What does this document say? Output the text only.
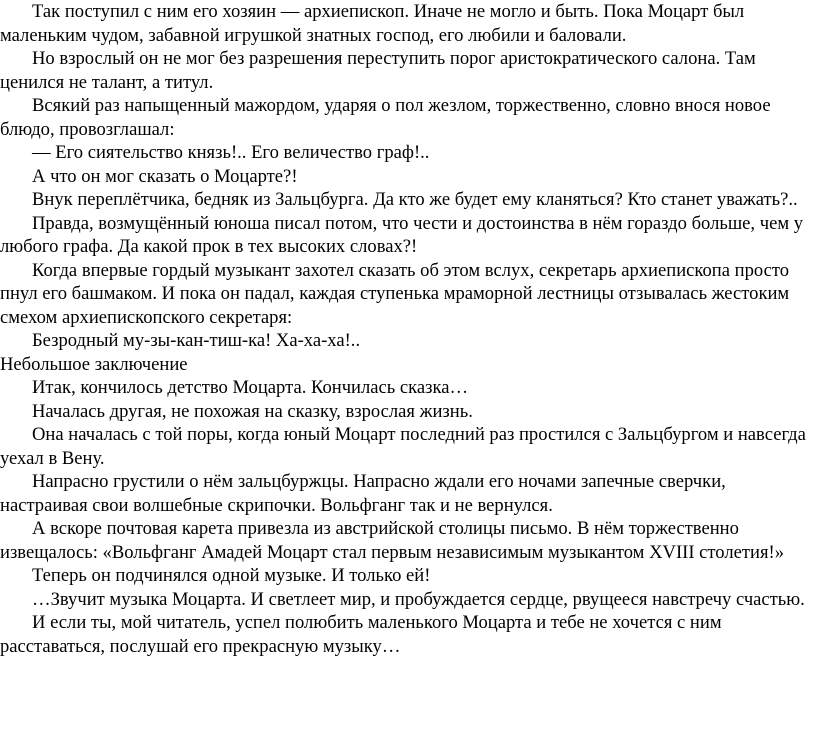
Так поступил с ним его хозяин — архиепископ. Иначе не могло и быть. Пока Моцарт был маленьким чудом, забавной игрушкой знатных господ, его любили и баловали.

Но взрослый он не мог без разрешения переступить порог аристократического салона. Там ценился не талант, а титул.

Всякий раз напыщенный мажордом, ударяя о пол жезлом, торжественно, словно внося новое блюдо, провозглашал:

— Его сиятельство князь!.. Его величество граф!..

А что он мог сказать о Моцарте?!

Внук переплётчика, бедняк из Зальцбурга. Да кто же будет ему кланяться? Кто станет уважать?..

Правда, возмущённый юноша писал потом, что чести и достоинства в нём гораздо больше, чем у любого графа. Да какой прок в тех высоких словах?!

Когда впервые гордый музыкант захотел сказать об этом вслух, секретарь архиепископа просто пнул его башмаком. И пока он падал, каждая ступенька мраморной лестницы отзывалась жестоким смехом архиепископского секретаря:

Безродный му-зы-кан-тиш-ка! Ха-ха-ха!..

Небольшое заключение

Итак, кончилось детство Моцарта. Кончилась сказка…

Началась другая, не похожая на сказку, взрослая жизнь.

Она началась с той поры, когда юный Моцарт последний раз простился с Зальцбургом и навсегда уехал в Вену.

Напрасно грустили о нём зальцбуржцы. Напрасно ждали его ночами запечные сверчки, настраивая свои волшебные скрипочки. Вольфганг так и не вернулся.

А вскоре почтовая карета привезла из австрийской столицы письмо. В нём торжественно извещалось: «Вольфганг Амадей Моцарт стал первым независимым музыкантом XVIII столетия!»

Теперь он подчинялся одной музыке. И только ей!

…Звучит музыка Моцарта. И светлеет мир, и пробуждается сердце, рвущееся навстречу счастью.

И если ты, мой читатель, успел полюбить маленького Моцарта и тебе не хочется с ним расставаться, послушай его прекрасную музыку…
